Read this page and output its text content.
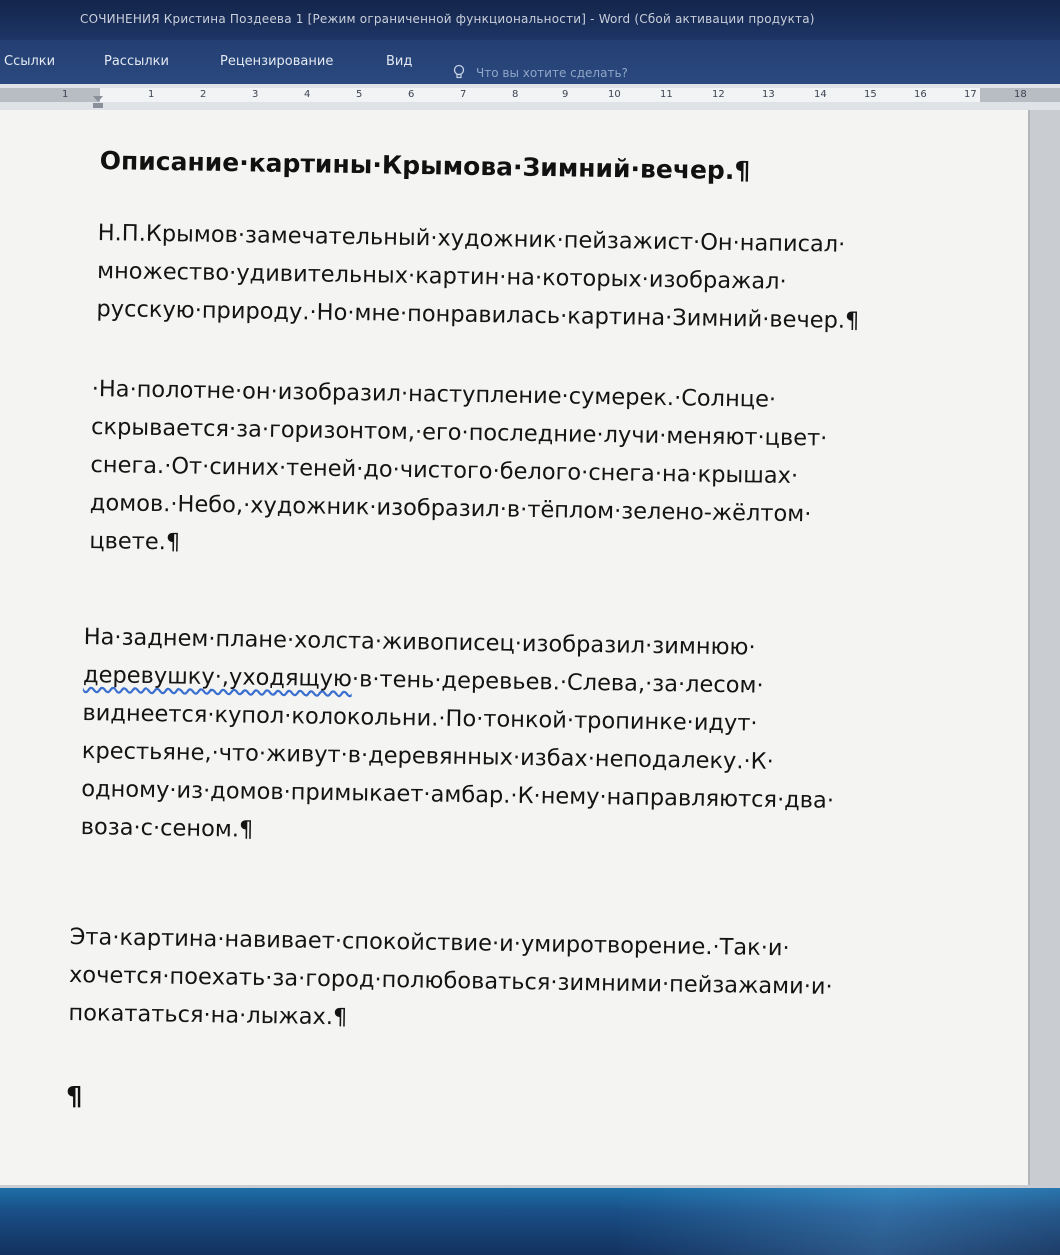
СОЧИНЕНИЯ Кристина Поздеева 1 [Режим ограниченной функциональности] - Word (Сбой активации продукта)
Ссылки	Рассылки	Рецензирование	Вид
Что вы хотите сделать?
1	1	2	3	4	5	6	7	8	9	10	11	12	13	14	15	16	17	18
Описание·картины·Крымова·Зимний·вечер.¶
Н.П.Крымов·замечательный·художник·пейзажист·Он·написал·
множество·удивительных·картин·на·которых·изображал·
русскую·природу.·Но·мне·понравилась·картина·Зимний·вечер.¶
·На·полотне·он·изобразил·наступление·сумерек.·Солнце·
скрывается·за·горизонтом,·его·последние·лучи·меняют·цвет·
снега.·От·синих·теней·до·чистого·белого·снега·на·крышах·
домов.·Небо,·художник·изобразил·в·тёплом·зелено-жёлтом·
цвете.¶
На·заднем·плане·холста·живописец·изобразил·зимнюю·
деревушку·,уходящую·в·тень·деревьев.·Слева,·за·лесом·
виднеется·купол·колокольни.·По·тонкой·тропинке·идут·
крестьяне,·что·живут·в·деревянных·избах·неподалеку.·К·
одному·из·домов·примыкает·амбар.·К·нему·направляются·два·
воза·с·сеном.¶
Эта·картина·навивает·спокойствие·и·умиротворение.·Так·и·
хочется·поехать·за·город·полюбоваться·зимними·пейзажами·и·
покататься·на·лыжах.¶
¶
